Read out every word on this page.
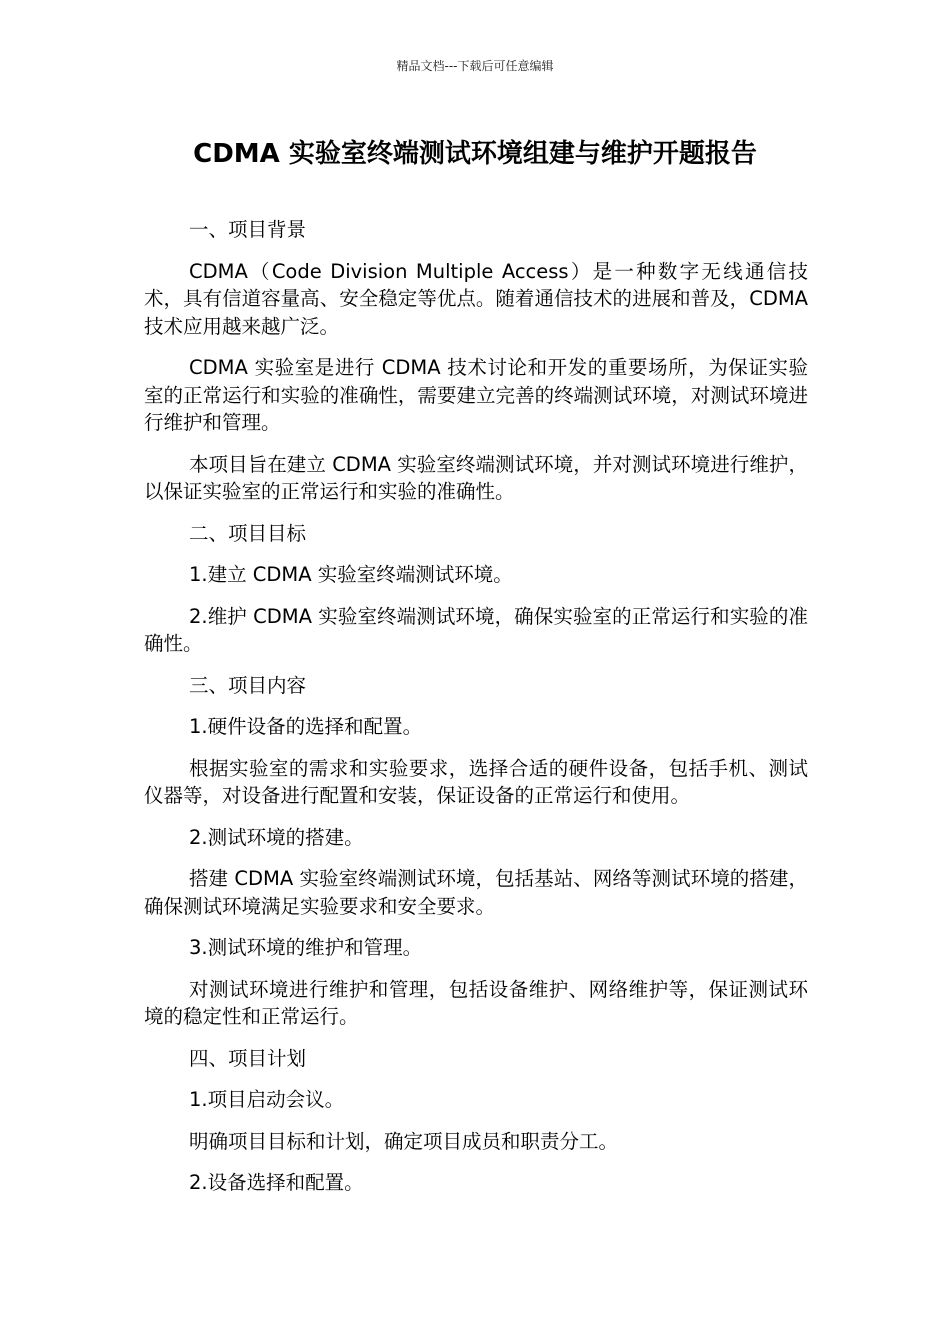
精品文档---下载后可任意编辑
CDMA 实验室终端测试环境组建与维护开题报告

一、项目背景

CDMA（Code Division Multiple Access）是一种数字无线通信技术，具有信道容量高、安全稳定等优点。随着通信技术的进展和普及，CDMA 技术应用越来越广泛。

CDMA 实验室是进行 CDMA 技术讨论和开发的重要场所，为保证实验室的正常运行和实验的准确性，需要建立完善的终端测试环境，对测试环境进行维护和管理。

本项目旨在建立 CDMA 实验室终端测试环境，并对测试环境进行维护，以保证实验室的正常运行和实验的准确性。

二、项目目标

1.建立 CDMA 实验室终端测试环境。

2.维护 CDMA 实验室终端测试环境，确保实验室的正常运行和实验的准确性。

三、项目内容

1.硬件设备的选择和配置。

根据实验室的需求和实验要求，选择合适的硬件设备，包括手机、测试仪器等，对设备进行配置和安装，保证设备的正常运行和使用。

2.测试环境的搭建。

搭建 CDMA 实验室终端测试环境，包括基站、网络等测试环境的搭建，确保测试环境满足实验要求和安全要求。

3.测试环境的维护和管理。

对测试环境进行维护和管理，包括设备维护、网络维护等，保证测试环境的稳定性和正常运行。

四、项目计划

1.项目启动会议。

明确项目目标和计划，确定项目成员和职责分工。

2.设备选择和配置。
